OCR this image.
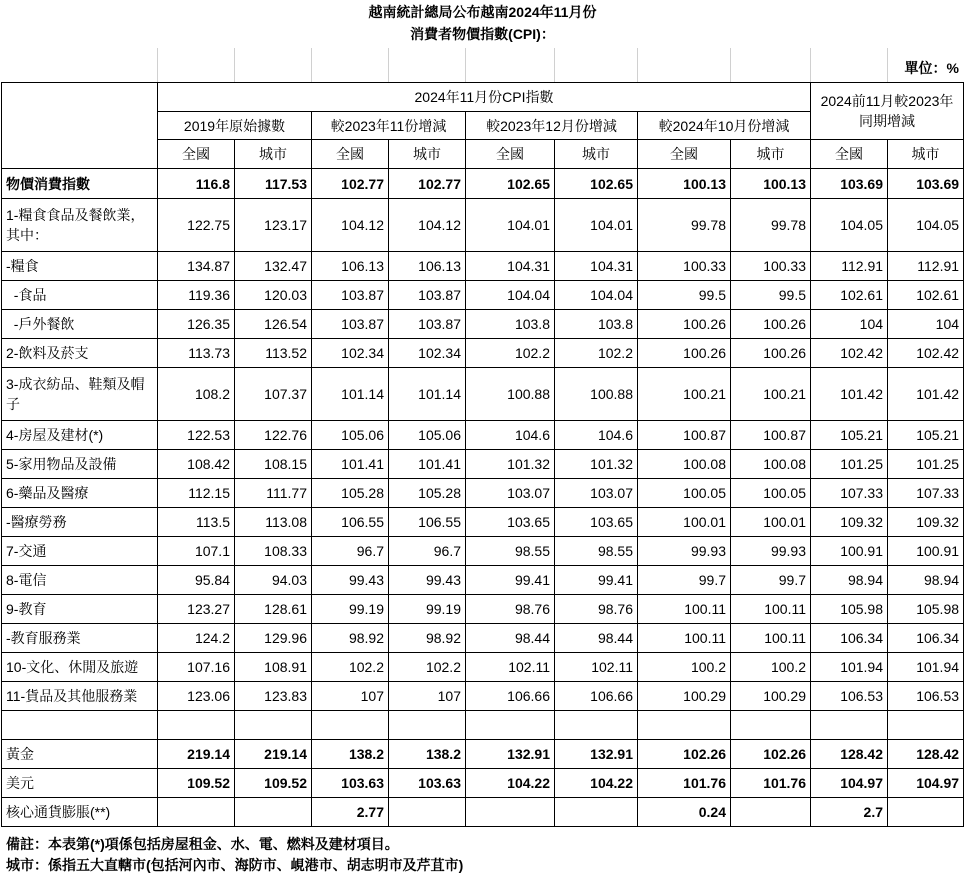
越南統計總局公布越南2024年11月份
消費者物價指數(CPI)：
單位：%
	2024年11月份CPI指數								2024前11月較2023年同期增減	
	2019年原始據數		較2023年11份增減		較2023年12月份增減		較2024年10月份增減			
	全國	城市	全國	城市	全國	城市	全國	城市	全國	城市
物價消費指數	116.8	117.53	102.77	102.77	102.65	102.65	100.13	100.13	103.69	103.69
1-糧食食品及餐飲業，其中：	122.75	123.17	104.12	104.12	104.01	104.01	99.78	99.78	104.05	104.05
-糧食	134.87	132.47	106.13	106.13	104.31	104.31	100.33	100.33	112.91	112.91
-食品	119.36	120.03	103.87	103.87	104.04	104.04	99.5	99.5	102.61	102.61
-戶外餐飲	126.35	126.54	103.87	103.87	103.8	103.8	100.26	100.26	104	104
2-飲料及菸支	113.73	113.52	102.34	102.34	102.2	102.2	100.26	100.26	102.42	102.42
3-成衣紡品、鞋類及帽子	108.2	107.37	101.14	101.14	100.88	100.88	100.21	100.21	101.42	101.42
4-房屋及建材(*)	122.53	122.76	105.06	105.06	104.6	104.6	100.87	100.87	105.21	105.21
5-家用物品及設備	108.42	108.15	101.41	101.41	101.32	101.32	100.08	100.08	101.25	101.25
6-藥品及醫療	112.15	111.77	105.28	105.28	103.07	103.07	100.05	100.05	107.33	107.33
-醫療勞務	113.5	113.08	106.55	106.55	103.65	103.65	100.01	100.01	109.32	109.32
7-交通	107.1	108.33	96.7	96.7	98.55	98.55	99.93	99.93	100.91	100.91
8-電信	95.84	94.03	99.43	99.43	99.41	99.41	99.7	99.7	98.94	98.94
9-教育	123.27	128.61	99.19	99.19	98.76	98.76	100.11	100.11	105.98	105.98
-教育服務業	124.2	129.96	98.92	98.92	98.44	98.44	100.11	100.11	106.34	106.34
10-文化、休閒及旅遊	107.16	108.91	102.2	102.2	102.11	102.11	100.2	100.2	101.94	101.94
11-貨品及其他服務業	123.06	123.83	107	107	106.66	106.66	100.29	100.29	106.53	106.53

黃金	219.14	219.14	138.2	138.2	132.91	132.91	102.26	102.26	128.42	128.42
美元	109.52	109.52	103.63	103.63	104.22	104.22	101.76	101.76	104.97	104.97
核心通貨膨脹(**)			2.77				0.24		2.7	
備註：本表第(*)項係包括房屋租金、水、電、燃料及建材項目。
城市：係指五大直轄市(包括河內市、海防市、峴港市、胡志明市及芹苴市)
